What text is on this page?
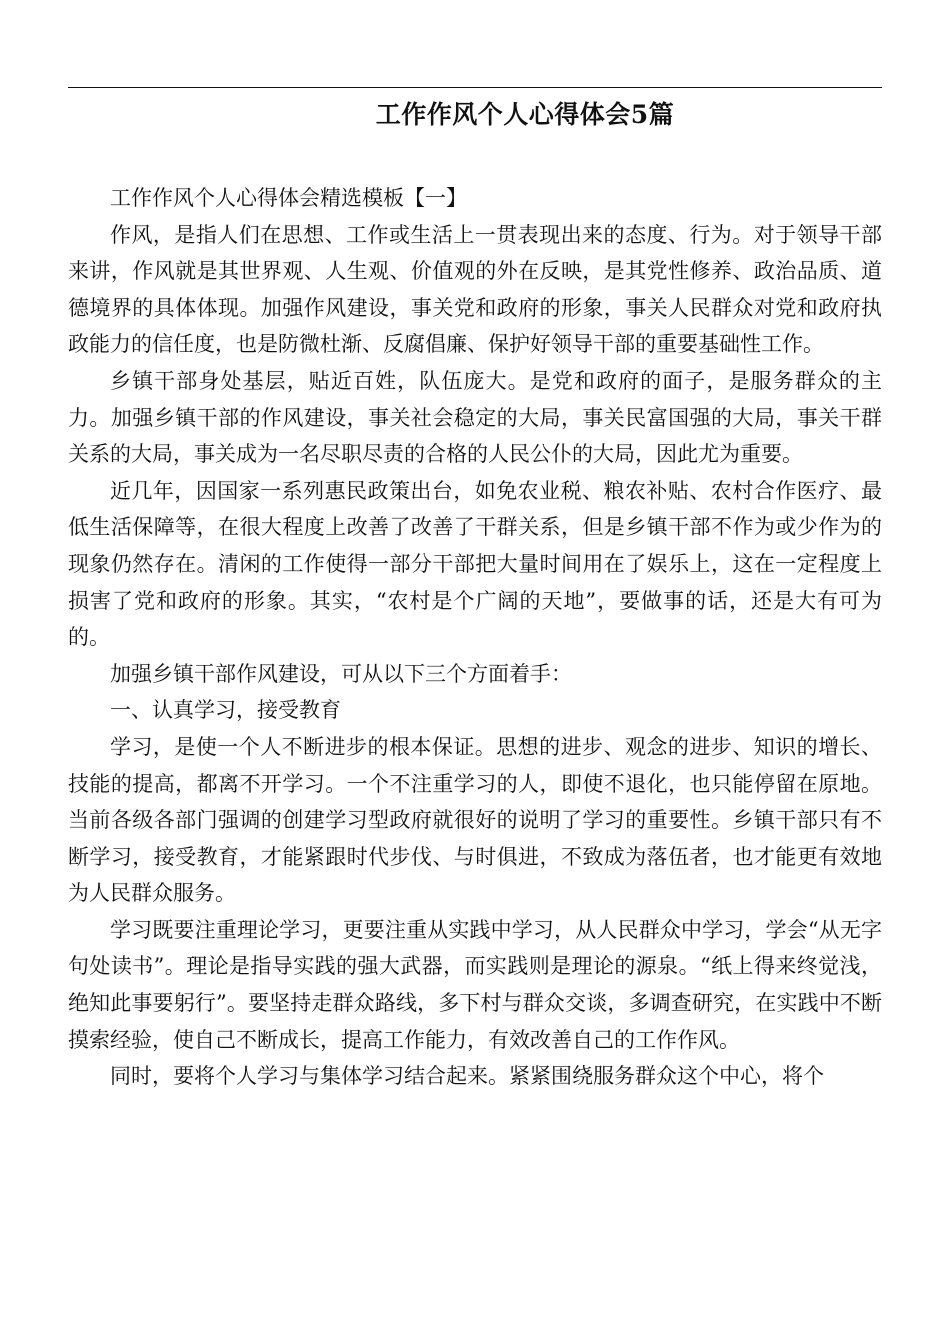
工作作风个人心得体会5篇

工作作风个人心得体会精选模板【一】

作风，是指人们在思想、工作或生活上一贯表现出来的态度、行为。对于领导干部来讲，作风就是其世界观、人生观、价值观的外在反映，是其党性修养、政治品质、道德境界的具体体现。加强作风建设，事关党和政府的形象，事关人民群众对党和政府执政能力的信任度，也是防微杜渐、反腐倡廉、保护好领导干部的重要基础性工作。

乡镇干部身处基层，贴近百姓，队伍庞大。是党和政府的面子，是服务群众的主力。加强乡镇干部的作风建设，事关社会稳定的大局，事关民富国强的大局，事关干群关系的大局，事关成为一名尽职尽责的合格的人民公仆的大局，因此尤为重要。

近几年，因国家一系列惠民政策出台，如免农业税、粮农补贴、农村合作医疗、最低生活保障等，在很大程度上改善了改善了干群关系，但是乡镇干部不作为或少作为的现象仍然存在。清闲的工作使得一部分干部把大量时间用在了娱乐上，这在一定程度上损害了党和政府的形象。其实，“农村是个广阔的天地”，要做事的话，还是大有可为的。

加强乡镇干部作风建设，可从以下三个方面着手：

一、认真学习，接受教育

学习，是使一个人不断进步的根本保证。思想的进步、观念的进步、知识的增长、技能的提高，都离不开学习。一个不注重学习的人，即使不退化，也只能停留在原地。当前各级各部门强调的创建学习型政府就很好的说明了学习的重要性。乡镇干部只有不断学习，接受教育，才能紧跟时代步伐、与时俱进，不致成为落伍者，也才能更有效地为人民群众服务。

学习既要注重理论学习，更要注重从实践中学习，从人民群众中学习，学会“从无字句处读书”。理论是指导实践的强大武器，而实践则是理论的源泉。“纸上得来终觉浅，绝知此事要躬行”。要坚持走群众路线，多下村与群众交谈，多调查研究，在实践中不断摸索经验，使自己不断成长，提高工作能力，有效改善自己的工作作风。

同时，要将个人学习与集体学习结合起来。紧紧围绕服务群众这个中心，将个
